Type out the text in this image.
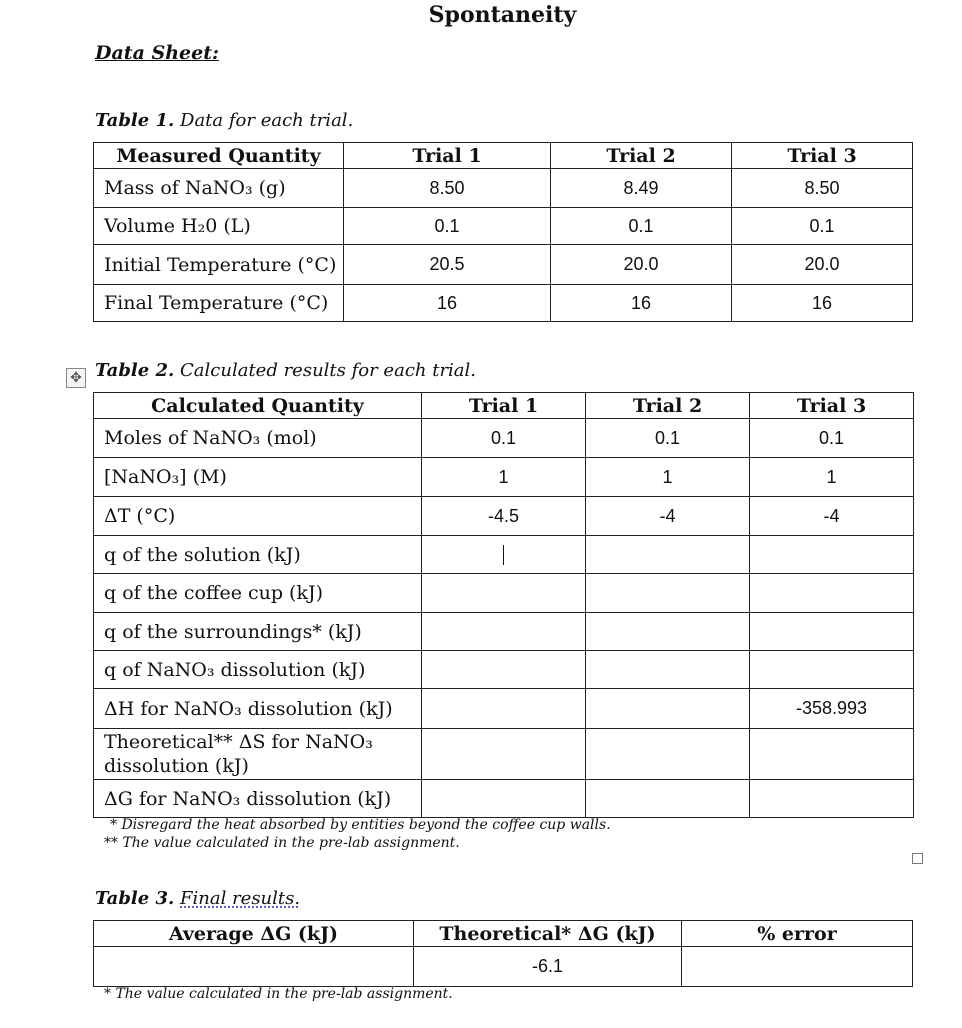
Spontaneity
Data Sheet:
Table 1. Data for each trial.
Measured Quantity	Trial 1	Trial 2	Trial 3
Mass of NaNO₃ (g)	8.50	8.49	8.50
Volume H₂0 (L)	0.1	0.1	0.1
Initial Temperature (°C)	20.5	20.0	20.0
Final Temperature (°C)	16	16	16
✥ Table 2. Calculated results for each trial.
Calculated Quantity	Trial 1	Trial 2	Trial 3
Moles of NaNO₃ (mol)	0.1	0.1	0.1
[NaNO₃] (M)	1	1	1
ΔT (°C)	-4.5	-4	-4
q of the solution (kJ)			
q of the coffee cup (kJ)			
q of the surroundings* (kJ)			
q of NaNO₃ dissolution (kJ)			
ΔH for NaNO₃ dissolution (kJ)			-358.993

Theoretical** ΔS for NaNO₃
dissolution (kJ)			

ΔG for NaNO₃ dissolution (kJ)			
* Disregard the heat absorbed by entities beyond the coffee cup walls.
** The value calculated in the pre-lab assignment.
Table 3. Final results.
Average ΔG (kJ)	Theoretical* ΔG (kJ)	% error
	-6.1	
* The value calculated in the pre-lab assignment.
